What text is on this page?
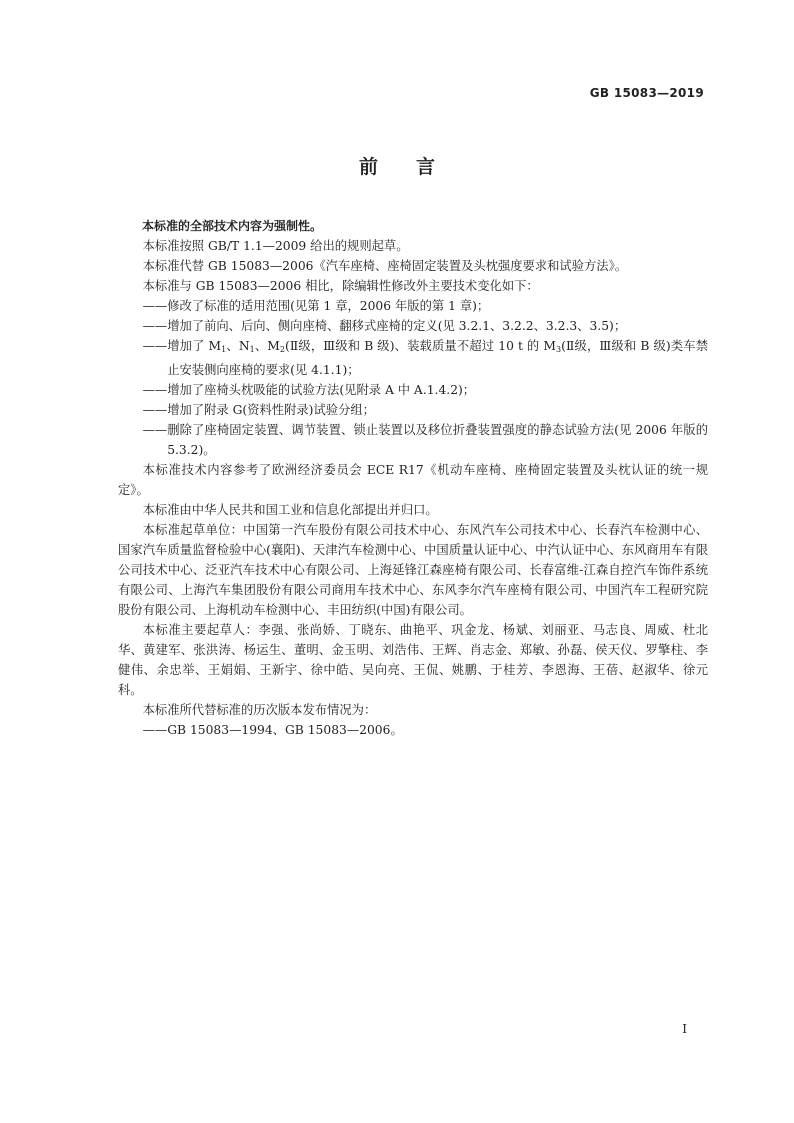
GB 15083—2019
前言

本标准的全部技术内容为强制性。

本标准按照 GB/T 1.1—2009 给出的规则起草。

本标准代替 GB 15083—2006《汽车座椅、座椅固定装置及头枕强度要求和试验方法》。

本标准与 GB 15083—2006 相比，除编辑性修改外主要技术变化如下：

—— 修改了标准的适用范围(见第 1 章，2006 年版的第 1 章)；
—— 增加了前向、后向、侧向座椅、翻移式座椅的定义(见 3.2.1、3.2.2、3.2.3、3.5)；
—— 增加了 $M_1$、$N_1$、$M_2(Ⅱ$级，Ⅲ级和 B 级)、装载质量不超过 10 t 的 $M_3(Ⅱ$级，Ⅲ级和 B 级)类车禁止安装侧向座椅的要求(见 4.1.1)；
—— 增加了座椅头枕吸能的试验方法(见附录 A 中 A.1.4.2)；
—— 增加了附录 G(资料性附录)试验分组；
—— 删除了座椅固定装置、调节装置、锁止装置以及移位折叠装置强度的静态试验方法(见 2006 年版的 5.3.2)。

本标准技术内容参考了欧洲经济委员会 ECE R17《机动车座椅、座椅固定装置及头枕认证的统一规定》。

本标准由中华人民共和国工业和信息化部提出并归口。

本标准起草单位：中国第一汽车股份有限公司技术中心、东风汽车公司技术中心、长春汽车检测中心、国家汽车质量监督检验中心(襄阳)、天津汽车检测中心、中国质量认证中心、中汽认证中心、东风商用车有限公司技术中心、泛亚汽车技术中心有限公司、上海延锋江森座椅有限公司、长春富维-江森自控汽车饰件系统有限公司、上海汽车集团股份有限公司商用车技术中心、东风李尔汽车座椅有限公司、中国汽车工程研究院股份有限公司、上海机动车检测中心、丰田纺织(中国)有限公司。

本标准主要起草人：李强、张尚娇、丁晓东、曲艳平、巩金龙、杨斌、刘丽亚、马志良、周威、杜北华、黄建军、张洪涛、杨运生、董明、金玉明、刘浩伟、王辉、肖志金、郑敏、孙磊、侯天仪、罗擎柱、李健伟、余忠举、王娟娟、王新宇、徐中皓、吴向亮、王侃、姚鹏、于桂芳、李恩海、王蓓、赵淑华、徐元科。

本标准所代替标准的历次版本发布情况为：

—— GB 15083—1994、GB 15083—2006。
I
